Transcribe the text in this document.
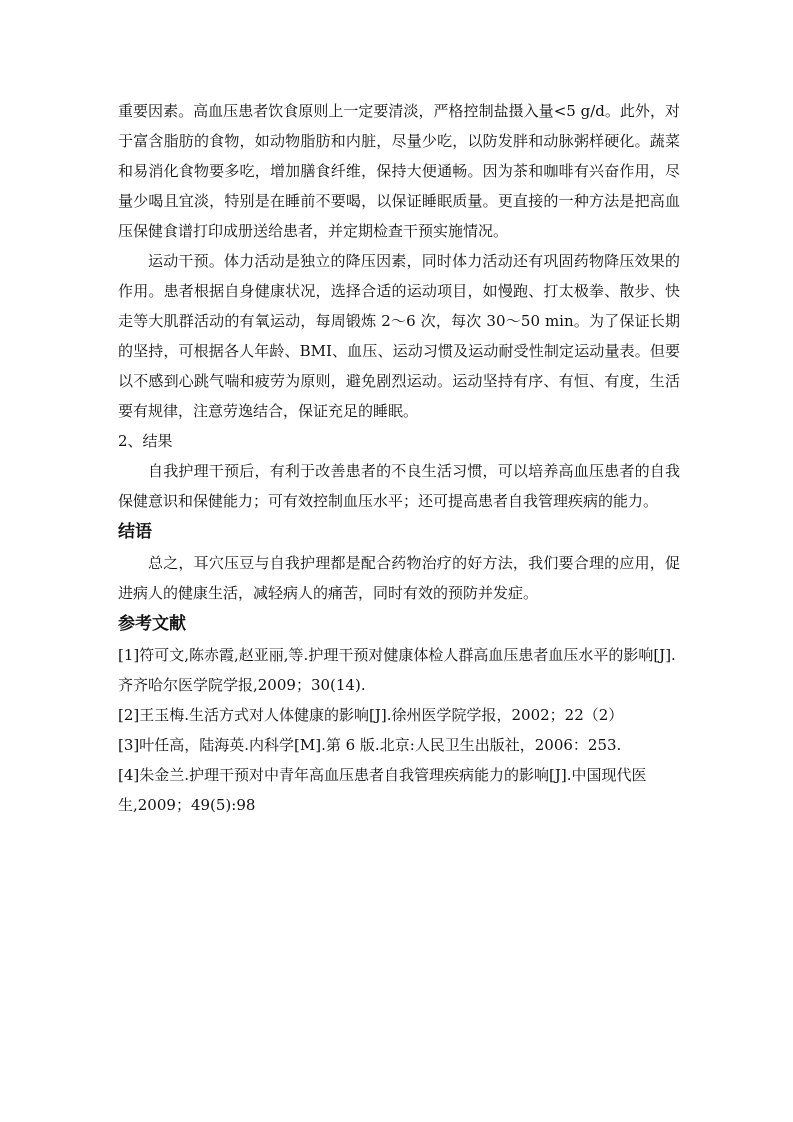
重要因素。高血压患者饮食原则上一定要清淡，严格控制盐摄入量<5 g/d。此外，对于富含脂肪的食物，如动物脂肪和内脏，尽量少吃，以防发胖和动脉粥样硬化。蔬菜和易消化食物要多吃，增加膳食纤维，保持大便通畅。因为茶和咖啡有兴奋作用，尽量少喝且宜淡，特别是在睡前不要喝，以保证睡眠质量。更直接的一种方法是把高血压保健食谱打印成册送给患者，并定期检查干预实施情况。

运动干预。体力活动是独立的降压因素，同时体力活动还有巩固药物降压效果的作用。患者根据自身健康状况，选择合适的运动项目，如慢跑、打太极拳、散步、快走等大肌群活动的有氧运动，每周锻炼 2～6 次，每次 30～50 min。为了保证长期的坚持，可根据各人年龄、BMI、血压、运动习惯及运动耐受性制定运动量表。但要以不感到心跳气喘和疲劳为原则，避免剧烈运动。运动坚持有序、有恒、有度，生活要有规律，注意劳逸结合，保证充足的睡眠。

2、结果

自我护理干预后，有利于改善患者的不良生活习惯，可以培养高血压患者的自我保健意识和保健能力；可有效控制血压水平；还可提高患者自我管理疾病的能力。

结语

总之，耳穴压豆与自我护理都是配合药物治疗的好方法，我们要合理的应用，促进病人的健康生活，减轻病人的痛苦，同时有效的预防并发症。

参考文献

[1]符可文,陈赤霞,赵亚丽,等.护理干预对健康体检人群高血压患者血压水平的影响[J].齐齐哈尔医学院学报,2009；30(14).

[2]王玉梅.生活方式对人体健康的影响[J].徐州医学院学报，2002；22（2）

[3]叶任高，陆海英.内科学[M].第 6 版.北京:人民卫生出版社，2006：253.

[4]朱金兰.护理干预对中青年高血压患者自我管理疾病能力的影响[J].中国现代医生,2009；49(5):98
